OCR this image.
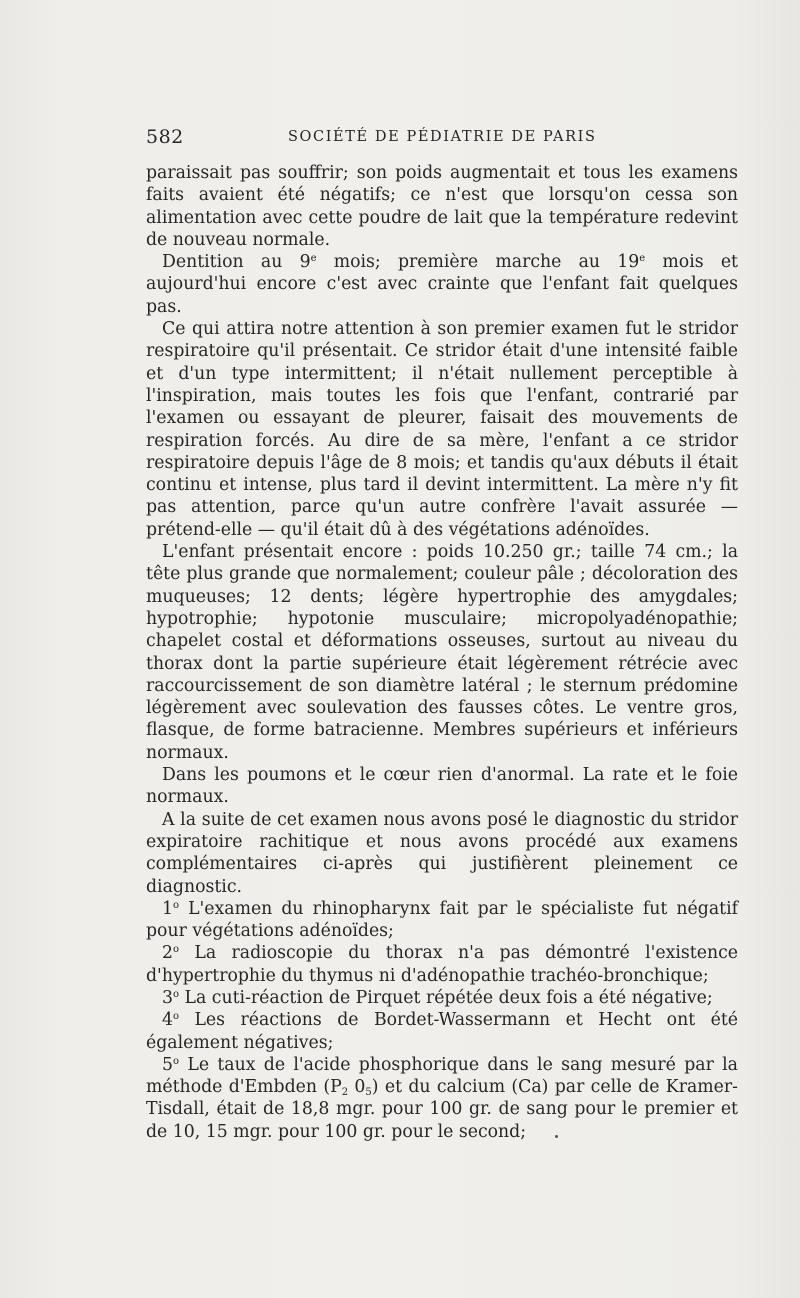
582	SOCIÉTÉ DE PÉDIATRIE DE PARIS

paraissait pas souffrir; son poids augmentait et tous les examens faits avaient été négatifs; ce n'est que lorsqu'on cessa son alimentation avec cette poudre de lait que la température redevint de nouveau normale.

Dentition au 9e mois; première marche au 19e mois et aujourd'hui encore c'est avec crainte que l'enfant fait quelques pas.

Ce qui attira notre attention à son premier examen fut le stridor respiratoire qu'il présentait. Ce stridor était d'une intensité faible et d'un type intermittent; il n'était nullement perceptible à l'inspiration, mais toutes les fois que l'enfant, contrarié par l'examen ou essayant de pleurer, faisait des mouvements de respiration forcés. Au dire de sa mère, l'enfant a ce stridor respiratoire depuis l'âge de 8 mois; et tandis qu'aux débuts il était continu et intense, plus tard il devint intermittent. La mère n'y fit pas attention, parce qu'un autre confrère l'avait assurée — prétend-elle — qu'il était dû à des végétations adénoïdes.

L'enfant présentait encore : poids 10.250 gr.; taille 74 cm.; la tête plus grande que normalement; couleur pâle ; décoloration des muqueuses; 12 dents; légère hypertrophie des amygdales; hypotrophie; hypotonie musculaire; micropolyadénopathie; chapelet costal et déformations osseuses, surtout au niveau du thorax dont la partie supérieure était légèrement rétrécie avec raccourcissement de son diamètre latéral ; le sternum prédomine légèrement avec soulevation des fausses côtes. Le ventre gros, flasque, de forme batracienne. Membres supérieurs et inférieurs normaux.

Dans les poumons et le cœur rien d'anormal. La rate et le foie normaux.

A la suite de cet examen nous avons posé le diagnostic du stridor expiratoire rachitique et nous avons procédé aux examens complémentaires ci-après qui justifièrent pleinement ce diagnostic.

1$^o$ L'examen du rhinopharynx fait par le spécialiste fut négatif pour végétations adénoïdes;

2$^o$ La radioscopie du thorax n'a pas démontré l'existence d'hypertrophie du thymus ni d'adénopathie trachéo-bronchique;

3$^o$ La cuti-réaction de Pirquet répétée deux fois a été négative;

4$^o$ Les réactions de Bordet-Wassermann et Hecht ont été également négatives;

5$^o$ Le taux de l'acide phosphorique dans le sang mesuré par la méthode d'Embden ($P_2$ $0_5$) et du calcium (Ca) par celle de Kramer-Tisdall, était de 18,8 mgr. pour 100 gr. de sang pour le premier et de 10, 15 mgr. pour 100 gr. pour le second;
